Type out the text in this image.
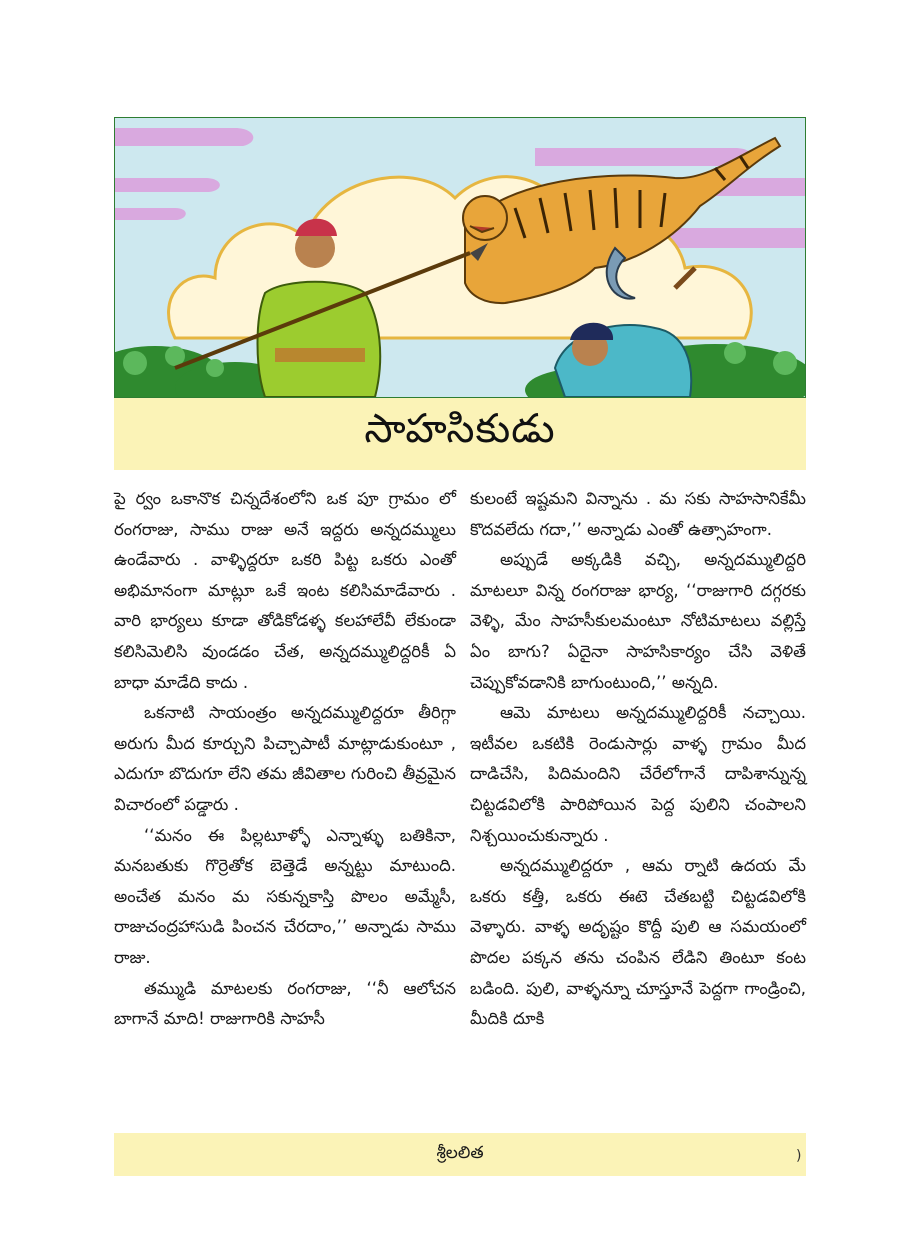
సాహసికుడు

పై ర్వం ఒకానొక చిన్నదేశంలోని ఒక పూ గ్రామం లో రంగరాజు, సాము రాజు అనే ఇద్దరు అన్నదమ్ములు ఉండేవారు . వాళ్ళిద్దరూ ఒకరి పిట్ట ఒకరు ఎంతో అభిమానంగా మాట్లూ ఒకే ఇంట కలిసిమాడేవారు . వారి భార్యలు కూడా తోడికోడళ్ళ కలహాలేవీ లేకుండా కలిసిమెలిసి వుండడం చేత, అన్నదమ్ములిద్దరికీ ఏ బాధా మాడేది కాదు .

ఒకనాటి సాయంత్రం అన్నదమ్ములిద్దరూ తీరిగ్గా అరుగు మీద కూర్చుని పిచ్చాపాటీ మాట్లాడుకుంటూ , ఎదుగూ బొదుగూ లేని తమ జీవితాల గురించి తీవ్రమైన విచారంలో పడ్డారు .

‘‘మనం ఈ పిల్లటూళ్ళో ఎన్నాళ్ళు బతికినా, మనబతుకు గొర్రెతోక బెత్తెడే అన్నట్టు మాటుంది. అంచేత మనం మ సకున్నకాస్తి పొలం అమ్మేసీ, రాజుచంద్రహాసుడి పించన చేరదాం,’’ అన్నాడు సాము రాజు.

తమ్ముడి మాటలకు రంగరాజు, ‘‘నీ ఆలోచన బాగానే మాది! రాజుగారికి సాహసీ

కులంటే ఇష్టమని విన్నాను . మ సకు సాహసానికేమీ కొదవలేదు గదా,’’ అన్నాడు ఎంతో ఉత్సాహంగా.

అప్పుడే అక్కడికి వచ్చి, అన్నదమ్ములిద్దరి మాటలూ విన్న రంగరాజు భార్య, ‘‘రాజుగారి దగ్గరకు వెళ్ళి, మేం సాహసీకులమంటూ నోటిమాటలు వల్లిస్తే ఏం బాగు? ఏదైనా సాహసికార్యం చేసి వెళితే చెప్పుకోవడానికి బాగుంటుంది,’’ అన్నది.

ఆమె మాటలు అన్నదమ్ములిద్దరికీ నచ్చాయి. ఇటీవల ఒకటికి రెండుసార్లు వాళ్ళ గ్రామం మీద దాడిచేసి, పిదిమందిని చేరేలోగానే దాపిశాన్నున్న చిట్టడవిలోకి పారిపోయిన పెద్ద పులిని చంపాలని నిశ్చయించుకున్నారు .

అన్నదమ్ములిద్దరూ , ఆమ ర్నాటి ఉదయ మే ఒకరు కత్తీ, ఒకరు ఈటె చేతబట్టి చిట్టడవిలోకి వెళ్ళారు. వాళ్ళ అదృష్టం కొద్దీ పులి ఆ సమయంలో పొదల పక్కన తను చంపిన లేడిని తింటూ కంట బడింది. పులి, వాళ్ళన్నూ చూస్తూనే పెద్దగా గాండ్రించి, మీదికి దూకి

శ్రీలలిత	)
